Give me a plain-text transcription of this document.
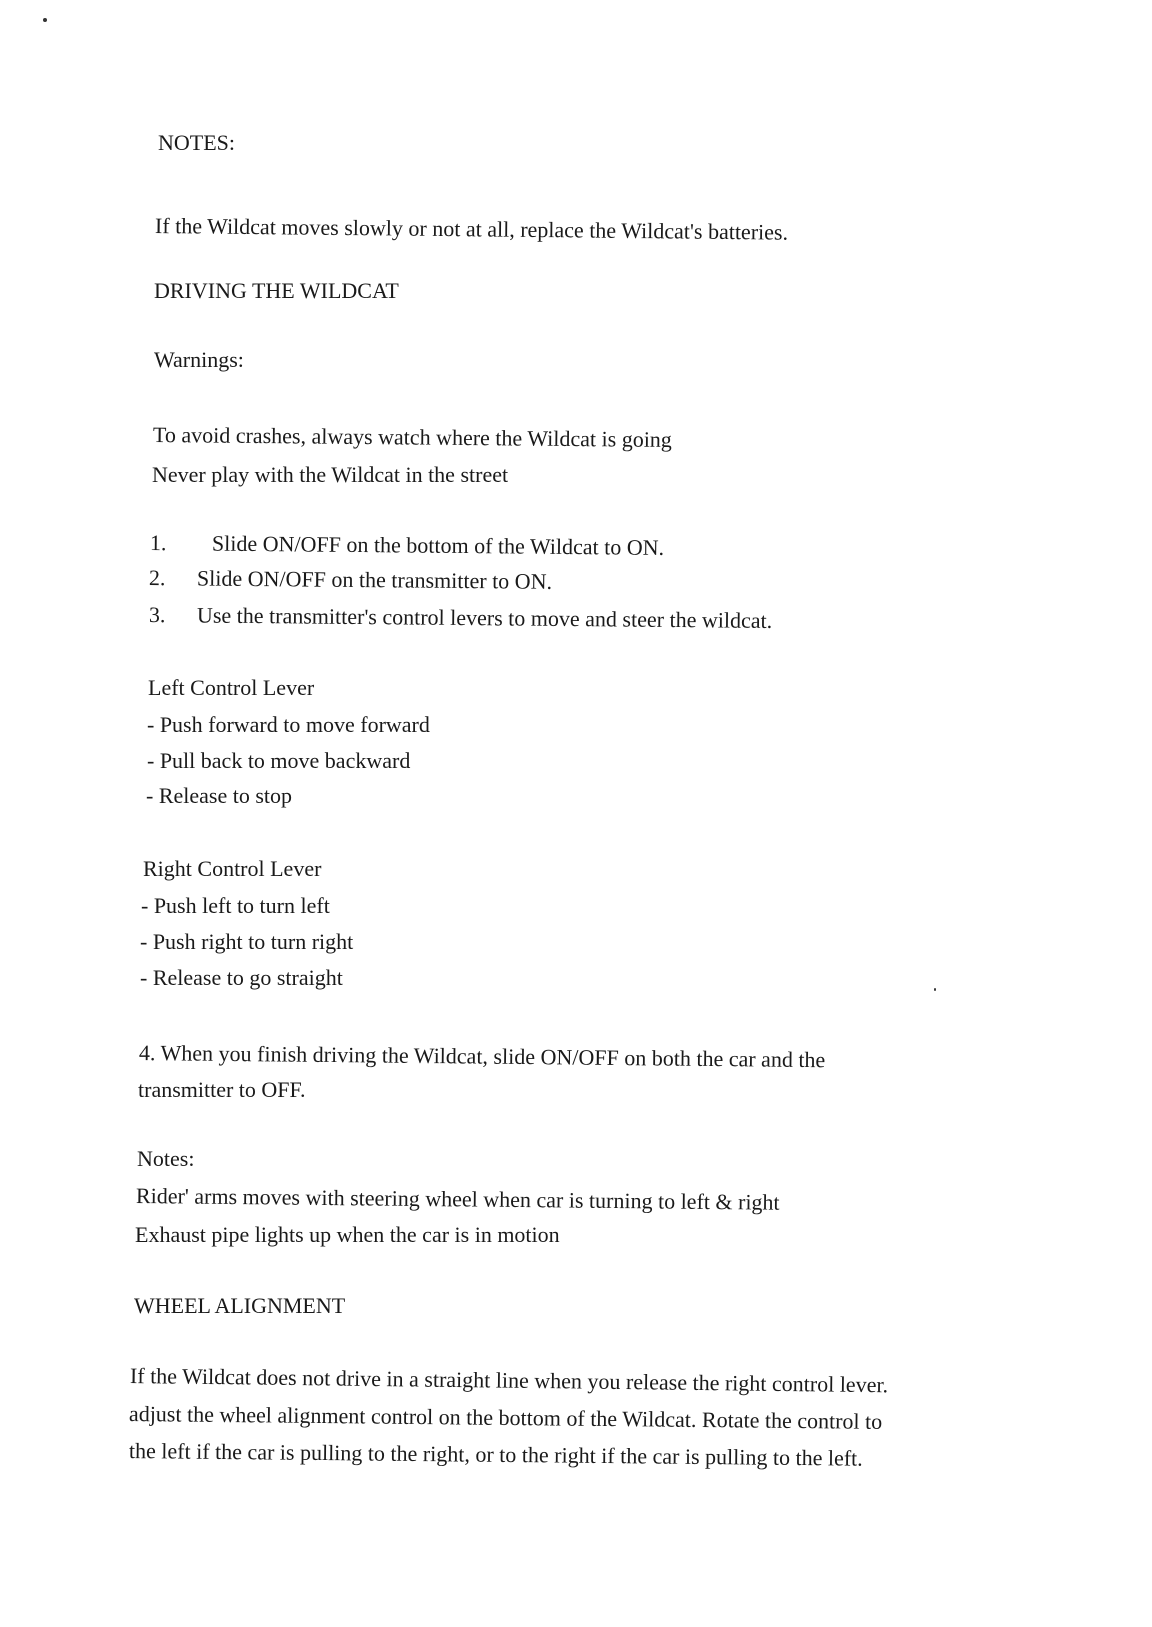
NOTES:

If the Wildcat moves slowly or not at all, replace the Wildcat's batteries.

DRIVING THE WILDCAT

Warnings:

To avoid crashes, always watch where the Wildcat is going

Never play with the Wildcat in the street

1. Slide ON/OFF on the bottom of the Wildcat to ON.

2. Slide ON/OFF on the transmitter to ON.

3. Use the transmitter's control levers to move and steer the wildcat.

Left Control Lever

- Push forward to move forward

- Pull back to move backward

- Release to stop

Right Control Lever

- Push left to turn left

- Push right to turn right

- Release to go straight

4. When you finish driving the Wildcat, slide ON/OFF on both the car and the

transmitter to OFF.

Notes:

Rider' arms moves with steering wheel when car is turning to left & right

Exhaust pipe lights up when the car is in motion

WHEEL ALIGNMENT

If the Wildcat does not drive in a straight line when you release the right control lever.

adjust the wheel alignment control on the bottom of the Wildcat. Rotate the control to

the left if the car is pulling to the right, or to the right if the car is pulling to the left.
